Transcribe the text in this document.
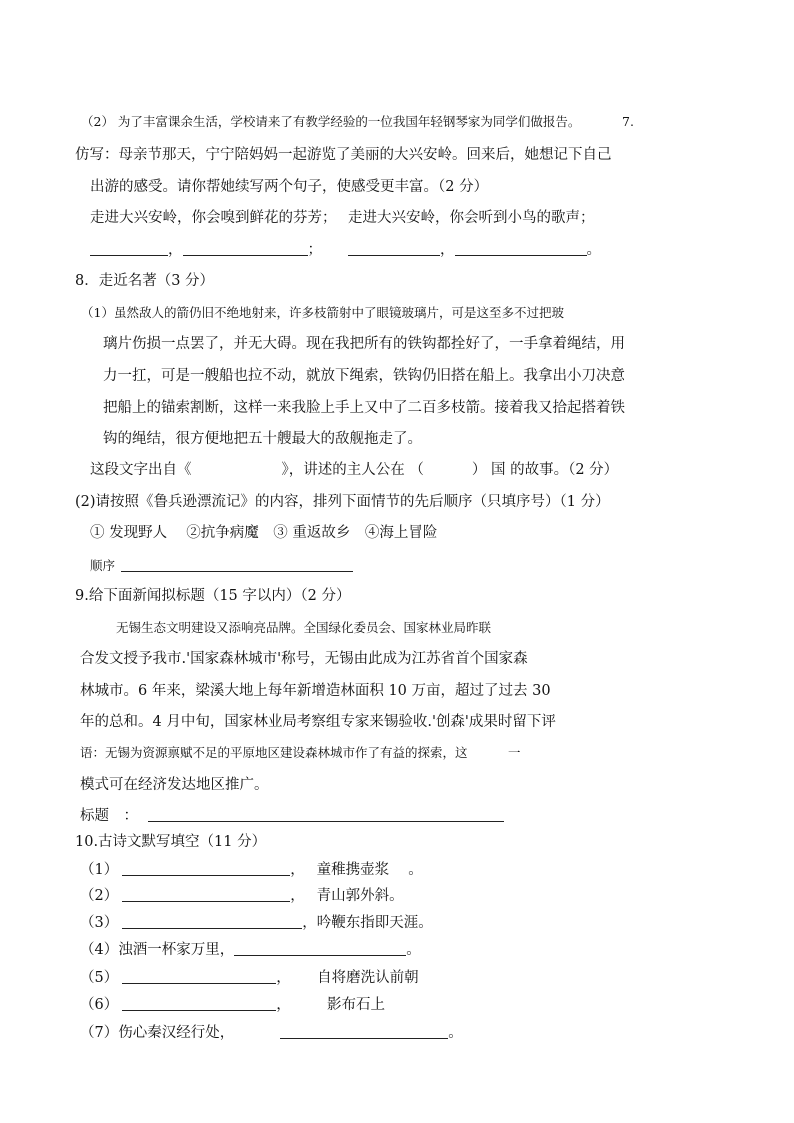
（2） 为了丰富课余生活，学校请来了有教学经验的一位我国年轻钢琴家为同学们做报告。	7.
仿写：母亲节那天，宁宁陪妈妈一起游览了美丽的大兴安岭。回来后，她想记下自己
出游的感受。请你帮她续写两个句子，使感受更丰富。（2 分）
走进大兴安岭，你会嗅到鲜花的芬芳； 走进大兴安岭，你会听到小鸟的歌声；
，	；	，	。
8．走近名著（3 分）
（1）虽然敌人的箭仍旧不绝地射来，许多枝箭射中了眼镜玻璃片，可是这至多不过把玻
璃片伤损一点罢了，并无大碍。现在我把所有的铁钩都拴好了，一手拿着绳结，用
力一扛，可是一艘船也拉不动，就放下绳索，铁钩仍旧搭在船上。我拿出小刀决意
把船上的锚索割断，这样一来我脸上手上又中了二百多枝箭。接着我又拾起搭着铁
钩的绳结，很方便地把五十艘最大的敌舰拖走了。
这段文字出自《	》，讲述的主人公在 （	） 国 的故事。（2 分）
(2)请按照《鲁兵逊漂流记》的内容，排列下面情节的先后顺序（只填序号）（1 分）
① 发现野人　 ②抗争病魔　③ 重返故乡　④海上冒险
顺序
9.给下面新闻拟标题（15 字以内）（2 分）
无锡生态文明建设又添响亮品牌。全国绿化委员会、国家林业局昨联
合发文授予我市.'国家森林城市'称号，无锡由此成为江苏省首个国家森
林城市。6 年来，梁溪大地上每年新增造林面积 10 万亩，超过了过去 30
年的总和。4 月中旬，国家林业局考察组专家来锡验收.'创森'成果时留下评
语：无锡为资源禀赋不足的平原地区建设森林城市作了有益的探索，这	一
模式可在经济发达地区推广。
标题　：
10.古诗文默写填空（11 分）
（1）	，　 童稚携壶浆　 。
（2）	，　 青山郭外斜。
（3）	，吟鞭东指即天涯。
（4）浊酒一杯家万里，	。
（5）	，　　 自将磨洗认前朝
（6）	，　　　影布石上
（7）伤心秦汉经行处，	。
